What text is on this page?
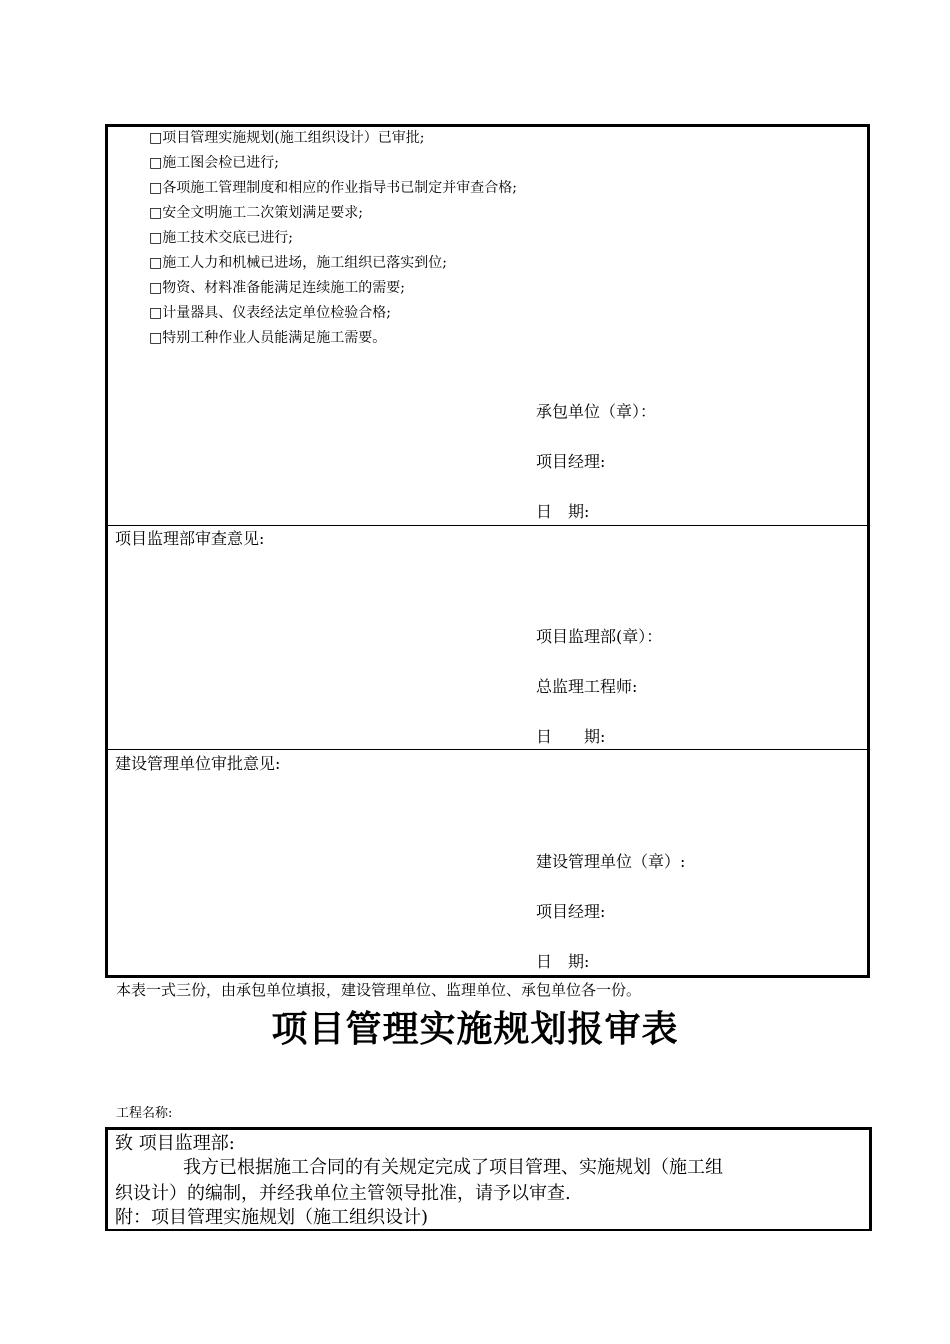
□项目管理实施规划(施工组织设计）已审批;
□施工图会检已进行;
□各项施工管理制度和相应的作业指导书已制定并审查合格;
□安全文明施工二次策划满足要求;
□施工技术交底已进行;
□施工人力和机械已进场，施工组织已落实到位;
□物资、材料准备能满足连续施工的需要;
□计量器具、仪表经法定单位检验合格;
□特别工种作业人员能满足施工需要。
承包单位（章）：
项目经理:
日　期:
项目监理部审查意见:
项目监理部(章）：
总监理工程师:
日　　期:
建设管理单位审批意见:
建设管理单位（章）:
项目经理:
日　期:
本表一式三份，由承包单位填报，建设管理单位、监理单位、承包单位各一份。
项目管理实施规划报审表
工程名称:
致 项目监理部:
我方已根据施工合同的有关规定完成了项目管理、实施规划（施工组
织设计）的编制，并经我单位主管领导批准，请予以审查.
附：项目管理实施规划（施工组织设计)
